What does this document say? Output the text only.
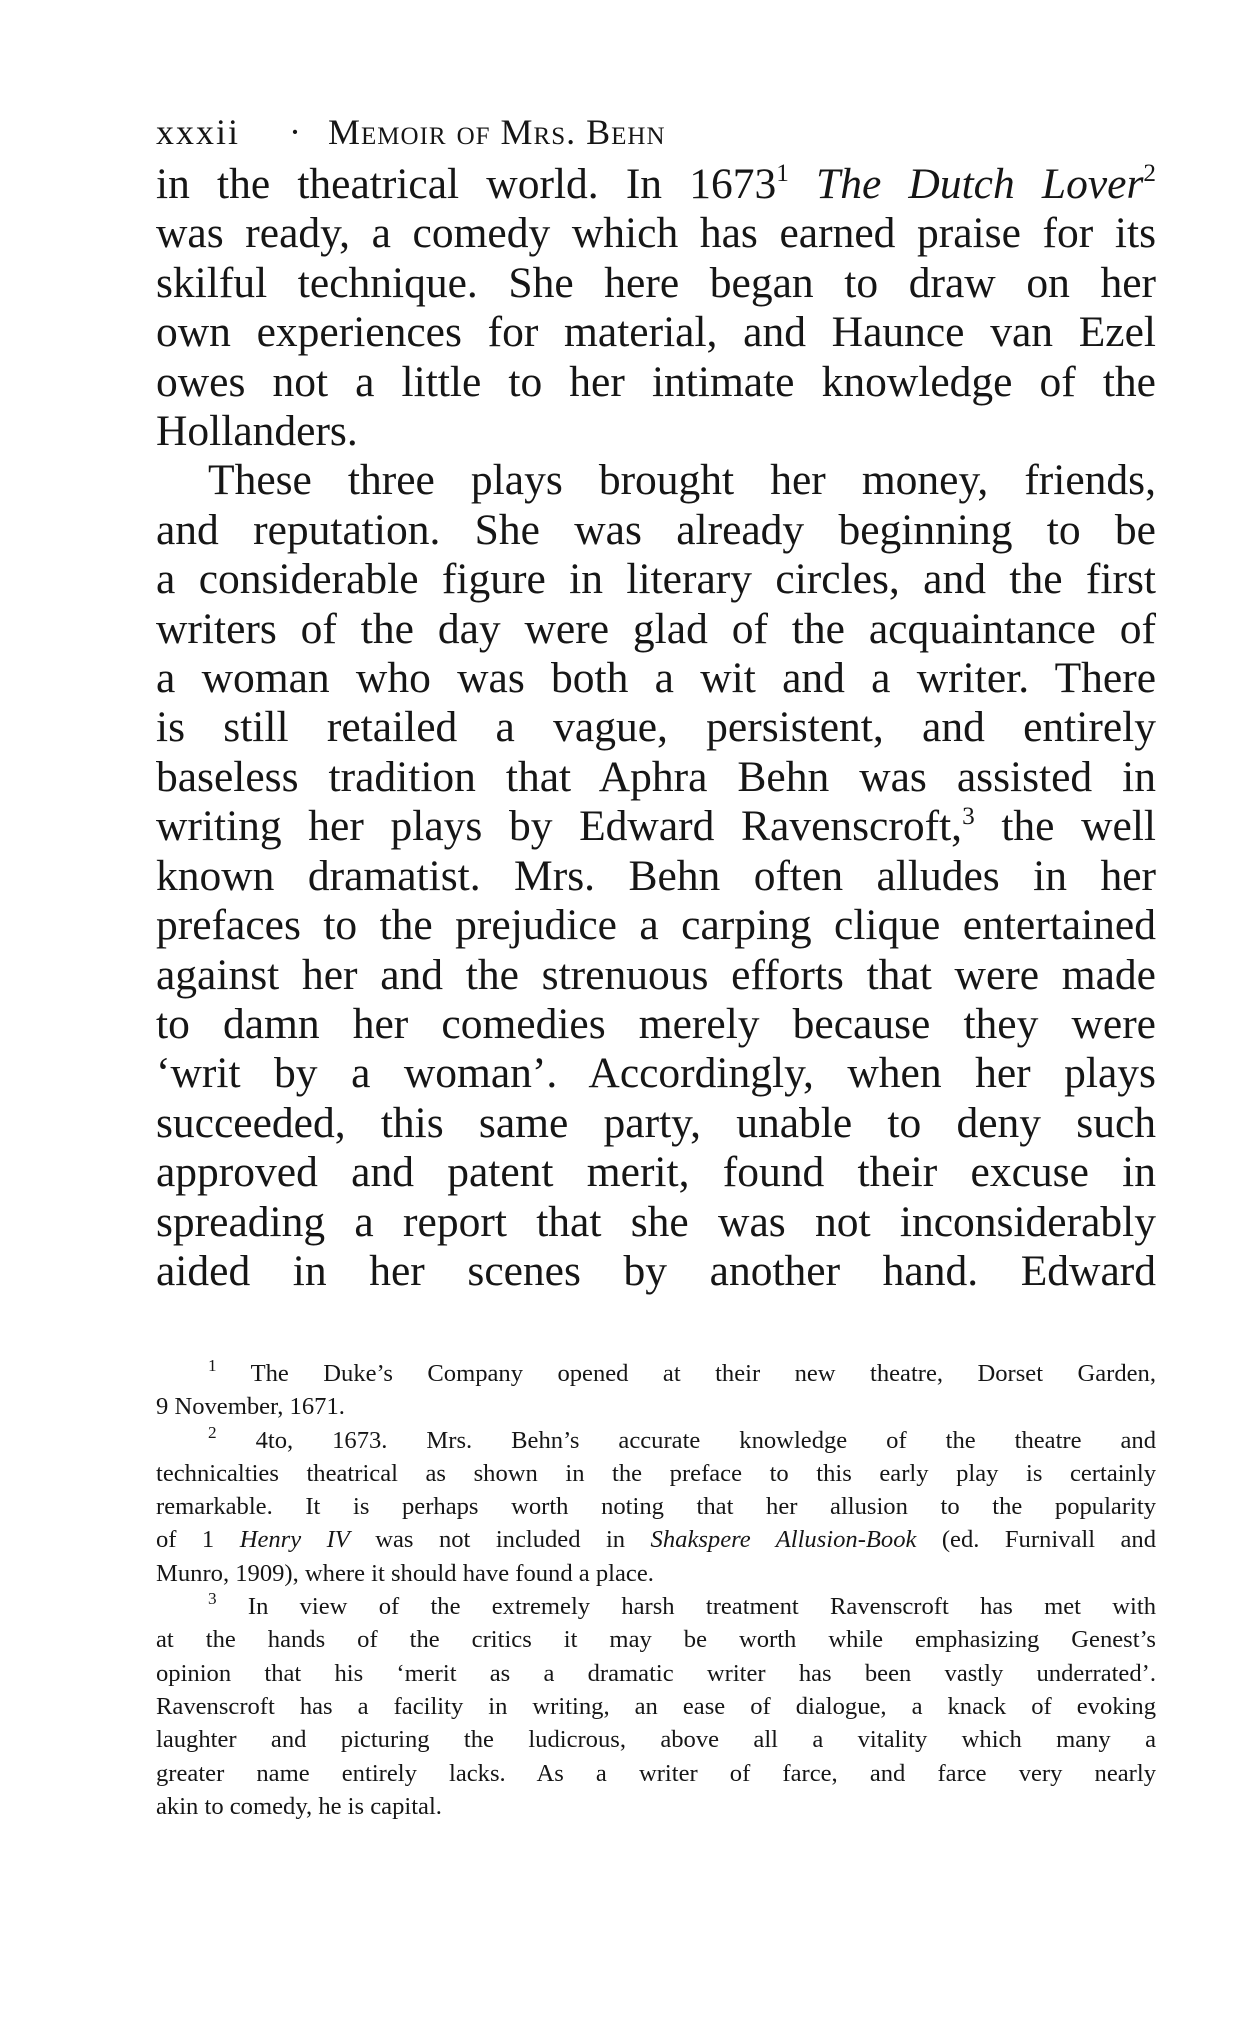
xxxii · Memoir of Mrs. Behn
in the theatrical world. In 1673$^1$ The Dutch Lover$^2$
was ready, a comedy which has earned praise for its
skilful technique. She here began to draw on her
own experiences for material, and Haunce van Ezel
owes not a little to her intimate knowledge of the
Hollanders.
These three plays brought her money, friends,
and reputation. She was already beginning to be
a considerable figure in literary circles, and the first
writers of the day were glad of the acquaintance of
a woman who was both a wit and a writer. There
is still retailed a vague, persistent, and entirely
baseless tradition that Aphra Behn was assisted in
writing her plays by Edward Ravenscroft,$^3$ the well
known dramatist. Mrs. Behn often alludes in her
prefaces to the prejudice a carping clique entertained
against her and the strenuous efforts that were made
to damn her comedies merely because they were
‘writ by a woman’. Accordingly, when her plays
succeeded, this same party, unable to deny such
approved and patent merit, found their excuse in
spreading a report that she was not inconsiderably
aided in her scenes by another hand. Edward
$^1$ The Duke’s Company opened at their new theatre, Dorset Garden,
9 November, 1671.
$^2$ 4to, 1673. Mrs. Behn’s accurate knowledge of the theatre and
technicalties theatrical as shown in the preface to this early play is certainly
remarkable. It is perhaps worth noting that her allusion to the popularity
of 1 Henry IV was not included in Shakspere Allusion-Book (ed. Furnivall and
Munro, 1909), where it should have found a place.
$^3$ In view of the extremely harsh treatment Ravenscroft has met with
at the hands of the critics it may be worth while emphasizing Genest’s
opinion that his ‘merit as a dramatic writer has been vastly underrated’.
Ravenscroft has a facility in writing, an ease of dialogue, a knack of evoking
laughter and picturing the ludicrous, above all a vitality which many a
greater name entirely lacks. As a writer of farce, and farce very nearly
akin to comedy, he is capital.
